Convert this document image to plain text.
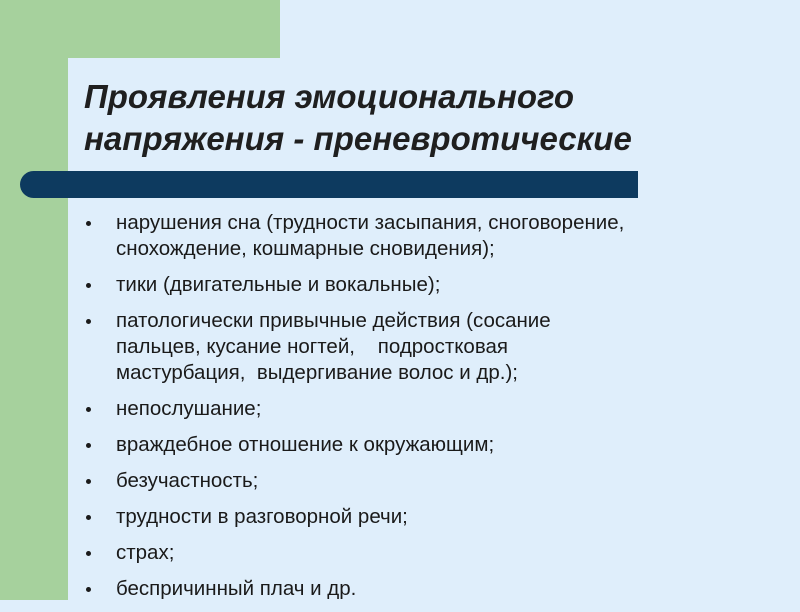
Проявления эмоционального
напряжения - преневротические
нарушения сна (трудности засыпания, сноговорение,
снохождение, кошмарные сновидения);
тики (двигательные и вокальные);
патологически привычные действия (сосание
пальцев, кусание ногтей,    подростковая
мастурбация,  выдергивание волос и др.);
непослушание;
враждебное отношение к окружающим;
безучастность;
трудности в разговорной речи;
страх;
беспричинный плач и др.
